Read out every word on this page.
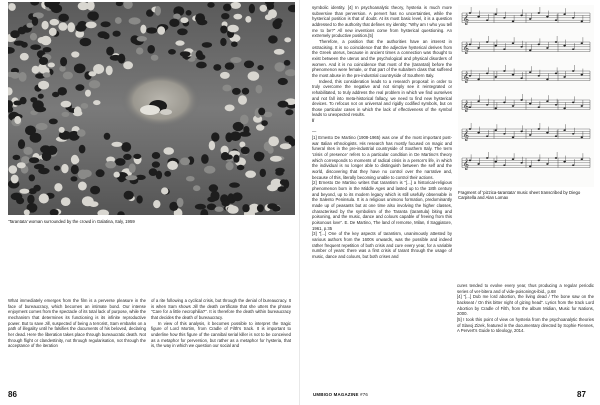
'Tarantata' woman surrounded by the crowd in Galatina, Italy, 1959

What immediately emerges from the film is a perverse pleasure in the face of bureaucracy, which becomes an intimate bond. Our intense enjoyment comes from the spectacle of its total lack of purpose, while the mechanism that determines its functioning is its infinite reproductive power. But to save Jill, suspected of being a terrorist, Sam embarks on a path of illegality until he falsifies the documents of his beloved, declaring her dead. Here the liberation takes place through bureaucratic death. Not through flight or clandestinity, not through regularisation, not through the acceptance of the iteration

of a rite following a cyclical crisis, but through the denial of bureaucracy. It is when Sam shows Jill the death certificate that she utters the phrase "Care for a little necrophilia?". It is therefore the death within bureaucracy that decides the death of bureaucracy.

In view of this analysis, it becomes possible to interpret the tragic figure of Lord Mortim, from Cradle of Filth's track. It is important to underline how this figure of the cannibal serial killer is not to be conceived as a metaphor for perversion, but rather as a metaphor for hysteria, that is, the way in which we question our social and

86

symbolic identity. [4] In psychoanalytic theory, hysteria is much more subversive than perversion. A pervert has no uncertainties, while the hysterical position is that of doubt. At its most basic level, it is a question addressed to the authority that defines my identity: "Why am I who you tell me to be?" All new inventions come from hysterical questioning. An extremely productive position.[5]

Therefore, a position that the authorities have an interest in ostracising. It is no coincidence that the adjective hysterical derives from the Greek uterus, because in ancient times a connection was thought to exist between the uterus and the psychological and physical disorders of women. And it is no coincidence that most of the (tarantati) before the phenomenon were female, or that part of the subaltern class that suffered the most abuse in the pre-industrial countryside of Southern Italy.

Indeed, this consideration leads to a research proposal: in order to truly overcome the negative and not simply see it reintegrated or rehabilitated, to truly address the real problem in which we find ourselves and not fall into meta-historical fallacy, we need to find new hysterical devices. To refocus not on universal and rigidly codified symbols, but on those particular cases in which the lack of effectiveness of the symbol leads to unexpected results.

//

—

[1] Ernesto De Martino (1908-1965) was one of the most important post-war Italian ethnologists. His research has mostly focused on magic and funeral rites in the pre-industrial countryside of Southern Italy. The term 'crisis of presence' refers to a particular condition in De Martino's theory which corresponds to moments of radical crisis in a person's life, in which the individual is no longer able to distinguish between the self and the world, discovering that they have no control over the narrative and, because of this, literally becoming unable to control their actions.

[2] Ernesto De Martino writes that tarantism is "[...] a historical-religious phenomenon born in the Middle Ages and lasted up to the 18th century and beyond, up to its modern legacy which is still usefully observable in the Salento Peninsula. It is a religious unimono formation, predominantly made up of peasants but at one time also involving the higher classes, characterised by the symbolism of the Taranta (tarantula) biting and poisoning, and the music, dance and colours capable of freeing from this poisonous love". E. De Martino, The land of remorse, Milan, Il Saggiatore, 1961, p.35

[3] "[...] One of the key aspects of tarantism, unanimously attested by various authors from the 1600s onwards, was the possible and indeed rather frequent repetition of both crisis and cure every year, for a variable number of years: there was a first crisis of tarant through the usage of music, dance and colours, but both crises and

𝄞
𝄞
𝄞
𝄞
𝄞
𝄞
Fragment of 'pizzica-tarantata' music sheet transcribed by Diego Carpitella and Alan Lomax

cures tended to evolve every year, thus producing a regular periodic series of ver-bitera and of vide-poisonings-ibid., p.68

[4] "[...] Dub me lord abortion, the living dead / The bone saw on the backseat / On this bitter night of gizing head". Lyrics from the track Lord Abortion by Cradle of Filth, from the album Midian, Music for Nations, 2000.

[5] I took this point of view on hysteria from the psychoanalytic theories of Slavoj Zizek, featured in the documentary directed by Sophie Fiennes, A Pervert's Guide to Ideology, 2014.

UMBIGO MAGAZINE #76	87
